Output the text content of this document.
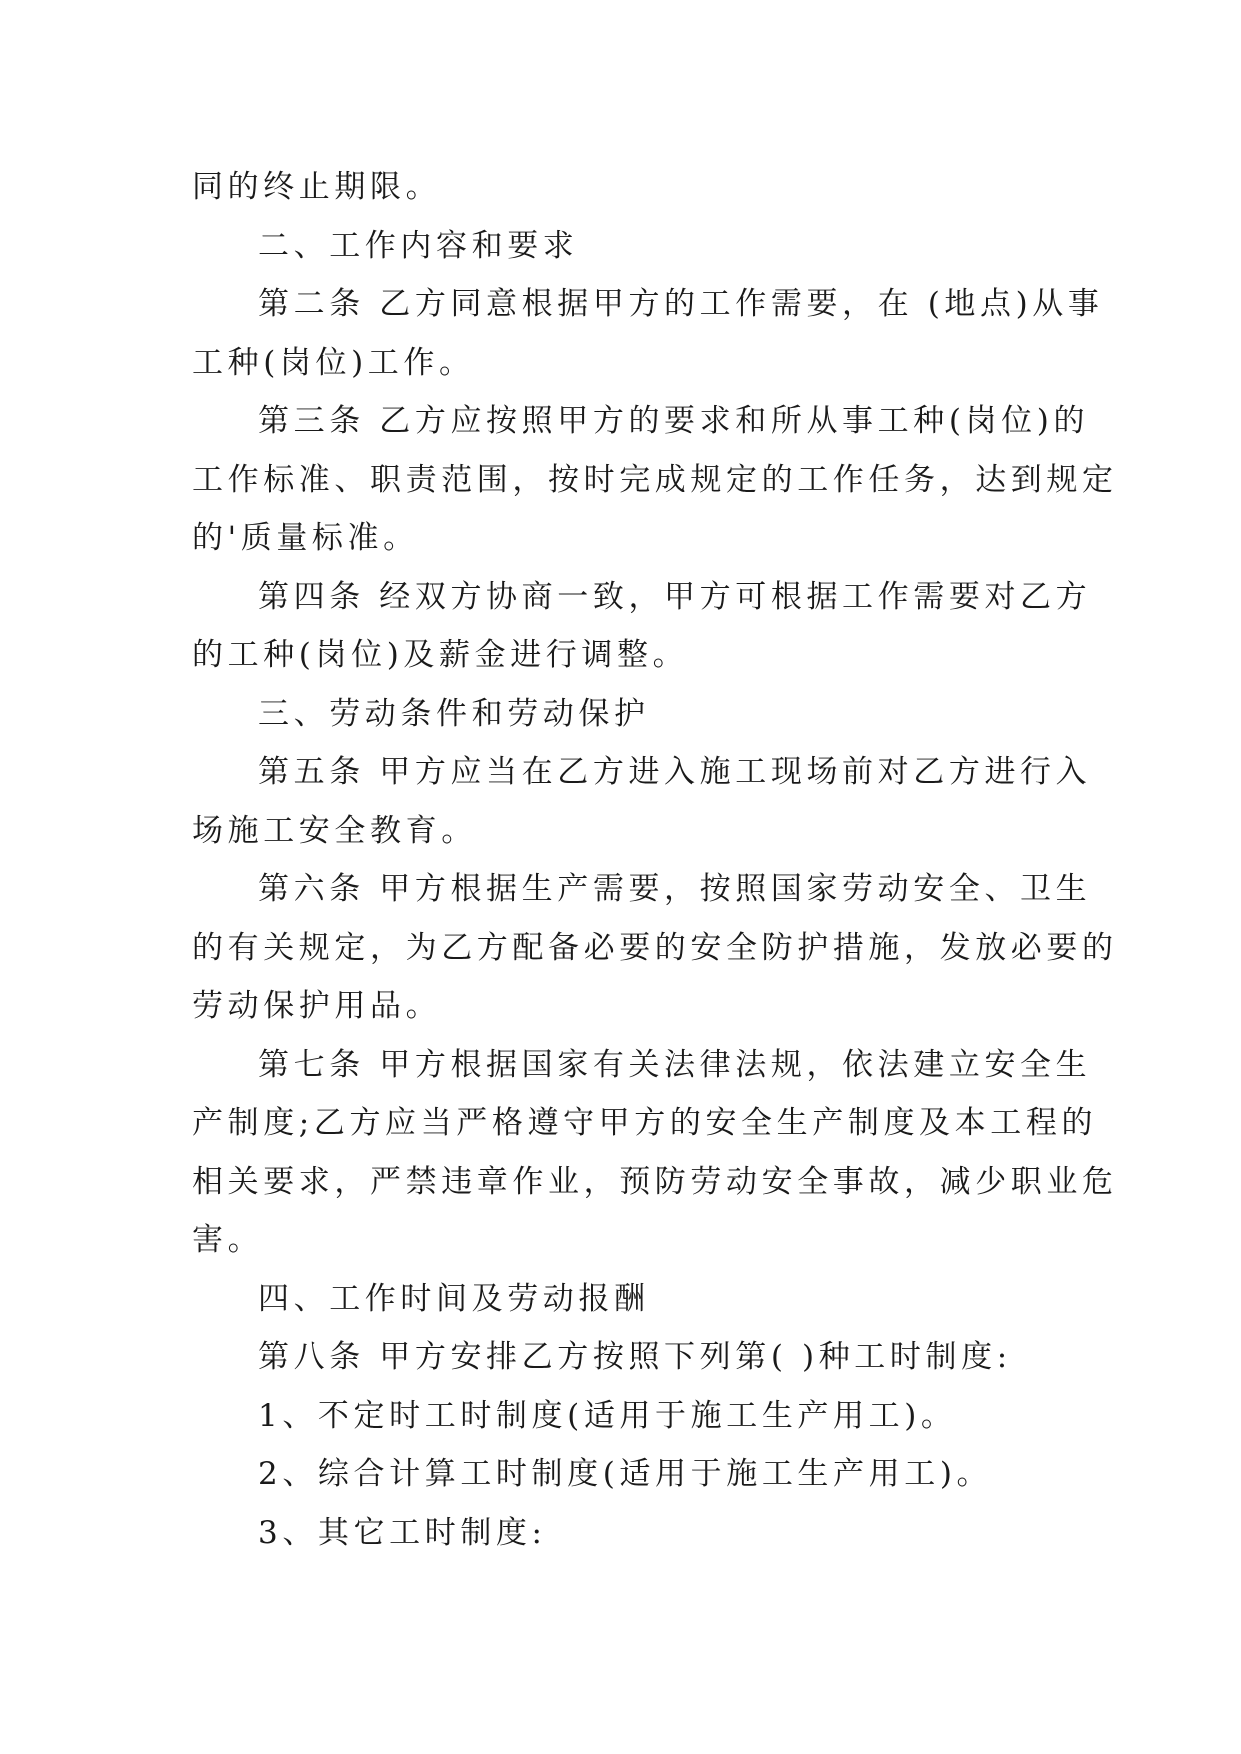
同的终止期限。
二、工作内容和要求
第二条 乙方同意根据甲方的工作需要，在 (地点)从事
工种(岗位)工作。
第三条 乙方应按照甲方的要求和所从事工种(岗位)的
工作标准、职责范围，按时完成规定的工作任务，达到规定
的'质量标准。
第四条 经双方协商一致，甲方可根据工作需要对乙方
的工种(岗位)及薪金进行调整。
三、劳动条件和劳动保护
第五条 甲方应当在乙方进入施工现场前对乙方进行入
场施工安全教育。
第六条 甲方根据生产需要，按照国家劳动安全、卫生
的有关规定，为乙方配备必要的安全防护措施，发放必要的
劳动保护用品。
第七条 甲方根据国家有关法律法规，依法建立安全生
产制度;乙方应当严格遵守甲方的安全生产制度及本工程的
相关要求，严禁违章作业，预防劳动安全事故，减少职业危
害。
四、工作时间及劳动报酬
第八条 甲方安排乙方按照下列第( )种工时制度:
1、不定时工时制度(适用于施工生产用工)。
2、综合计算工时制度(适用于施工生产用工)。
3、其它工时制度:
